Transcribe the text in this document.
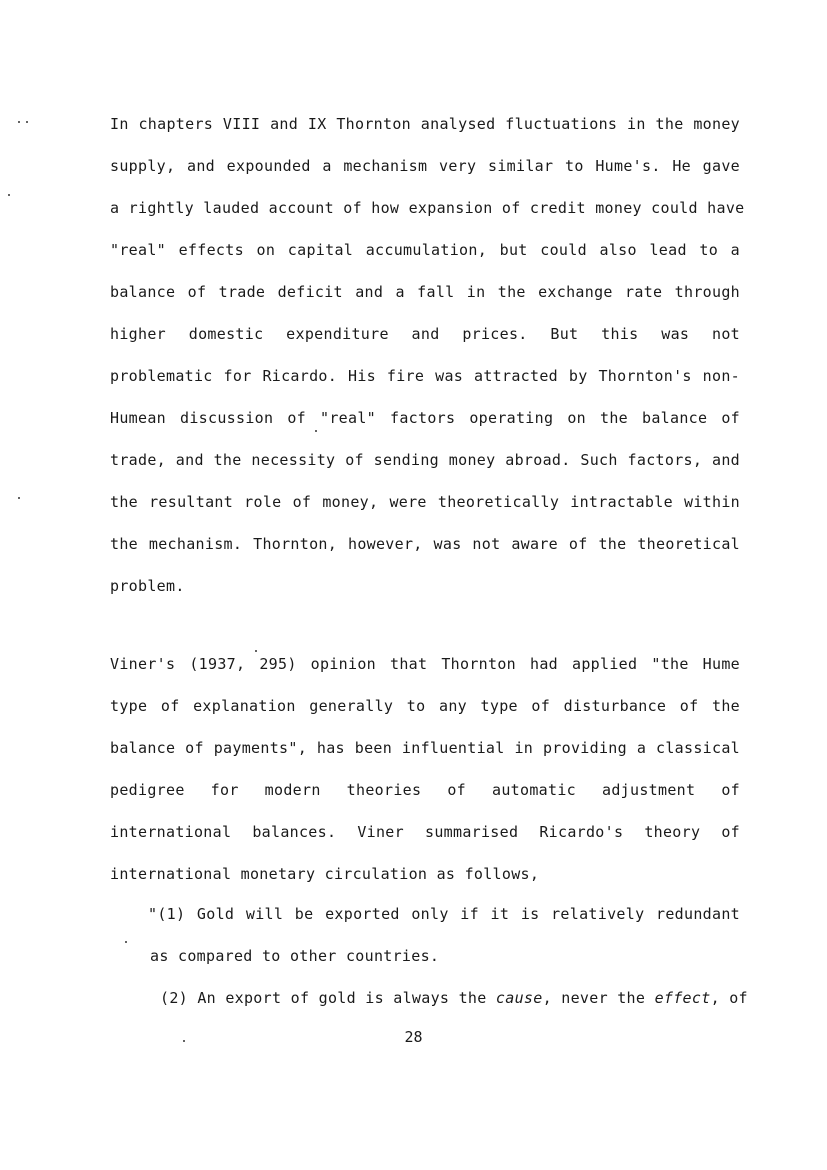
In chapters VIII and IX Thornton analysed fluctuations in the money
supply, and expounded a mechanism very similar to Hume's. He gave
a rightly lauded account of how expansion of credit money could have
"real" effects on capital accumulation, but could also lead to a
balance of trade deficit and a fall in the exchange rate through
higher domestic expenditure and prices. But this was not
problematic for Ricardo. His fire was attracted by Thornton's non-
Humean discussion of "real" factors operating on the balance of
trade, and the necessity of sending money abroad. Such factors, and
the resultant role of money, were theoretically intractable within
the mechanism. Thornton, however, was not aware of the theoretical
problem.
Viner's (1937, 295) opinion that Thornton had applied "the Hume
type of explanation generally to any type of disturbance of the
balance of payments", has been influential in providing a classical
pedigree for modern theories of automatic adjustment of
international balances. Viner summarised Ricardo's theory of
international monetary circulation as follows,
"(1) Gold will be exported only if it is relatively redundant
as compared to other countries.
(2) An export of gold is always the cause, never the effect, of
28
